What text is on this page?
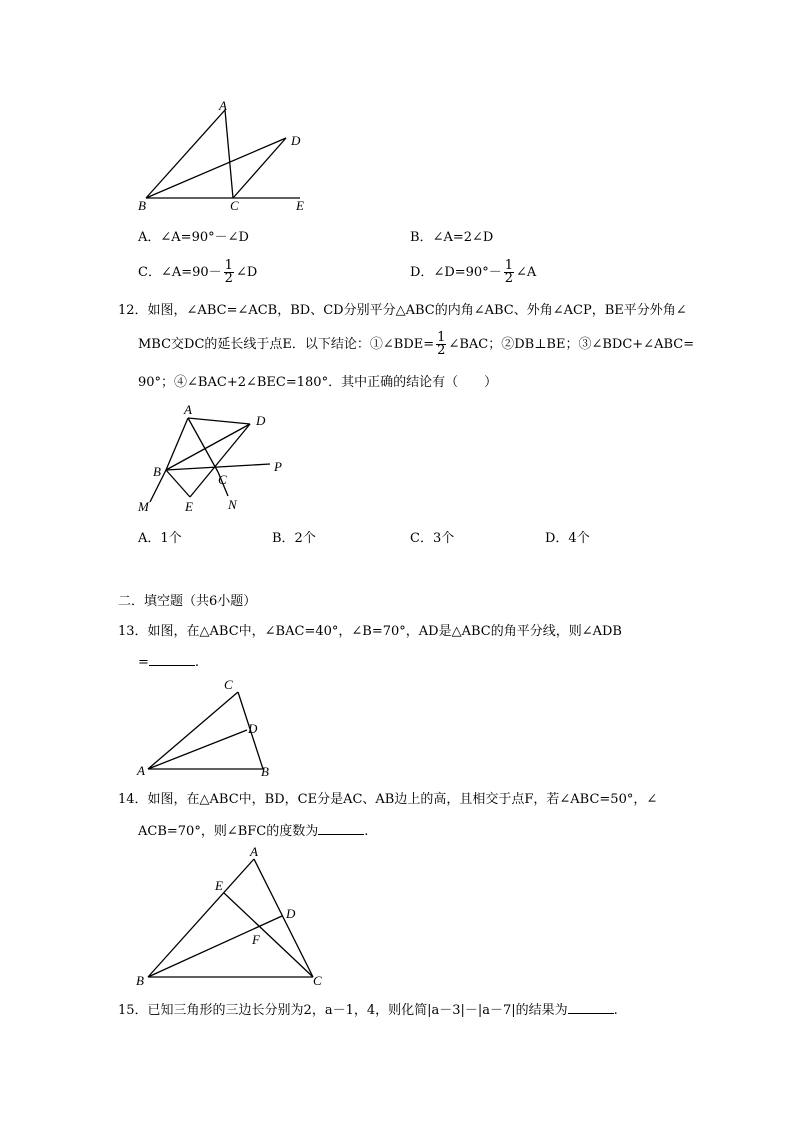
A
B	C
D
E
A．∠A=90°－∠D	B．∠A=2∠D
C．∠A=90－ $\frac{1}{2}$ ∠D	D．∠D=90°－ $\frac{1}{2}$ ∠A
12．如图，∠ABC=∠ACB，BD、CD分别平分△ABC的内角∠ABC、外角∠ACP，BE平分外角∠
MBC交DC的延长线于点E．以下结论：①∠BDE= $\frac{1}{2}$ ∠BAC；②DB⊥BE；③∠BDC+∠ABC=
90°；④∠BAC+2∠BEC=180°．其中正确的结论有（　　）
A
B
C
D
E
M	N
P
A．1个	B．2个	C．3个	D．4个
二．填空题（共6小题）
13．如图，在△ABC中，∠BAC=40°，∠B=70°，AD是△ABC的角平分线，则∠ADB
=	.
A	B
C
D
14．如图，在△ABC中，BD，CE分是AC、AB边上的高，且相交于点F，若∠ABC=50°，∠
ACB=70°，则∠BFC的度数为	.
A
B	C
D
E
F
15．已知三角形的三边长分别为2，a－1，4，则化简|a－3|－|a－7|的结果为	.
